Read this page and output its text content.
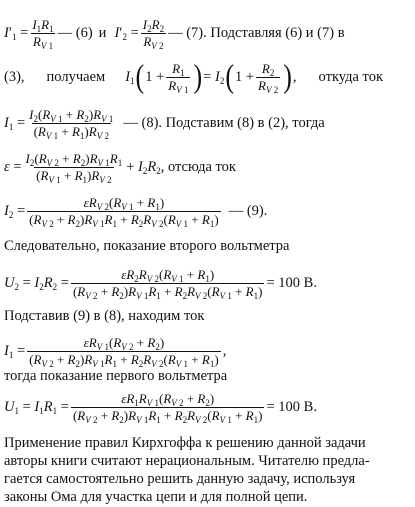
$I'_1 = \frac{I_1R_1}{R_{V 1}}$ — (6) и $I'_2 = \frac{I_2R_2}{R_{V 2}}$ — (7). Подставляя (6) и (7) в
(3), получаем $I_1$ ( 1 +
$R_1$
$R_{V 1}$ ) = $I_2$ ( 1 +
$R_2$
$R_{V 2}$ ) , откуда ток
$I_1 = \frac{I_2(R_{V 1} + R_2)R_{V 1}}{(R_{V 1} + R_1)R_{V 2}}$ — (8). Подставим (8) в (2), тогда
$\varepsilon = \frac{I_2(R_{V 2} + R_2)R_{V 1}R_1}{(R_{V 1} + R_1)R_{V 2}} + I_2R_2$ , отсюда ток
$I_2$ =
$\varepsilon R_{V 2}(R_{V 1} + R_1)$
$(R_{V 2} + R_2)R_{V 1}R_1 + R_2R_{V 2}(R_{V 1} + R_1)$
— (9).
Следовательно, показание второго вольтметра
$U_2 = I_2R_2 = \frac{\varepsilon R_2R_{V 2}(R_{V 1} + R_1)}{(R_{V 2} + R_2)R_{V 1}R_1 + R_2R_{V 2}(R_{V 1} + R_1)} = 100$ В.
Подставив (9) в (8), находим ток
$I_1$ =
$\varepsilon R_{V 1}(R_{V 2} + R_2)$
$(R_{V 2} + R_2)R_{V 1}R_1 + R_2R_{V 2}(R_{V 1} + R_1)$
,
тогда показание первого вольтметра
$U_1 = I_1R_1 = \frac{\varepsilon R_1R_{V 1}(R_{V 2} + R_2)}{(R_{V 2} + R_2)R_{V 1}R_1 + R_2R_{V 2}(R_{V 1} + R_1)} = 100$ В.
Применение правил Кирхгоффа к решению данной задачи
авторы книги считают нерациональным. Читателю предла-
гается самостоятельно решить данную задачу, используя
законы Ома для участка цепи и для полной цепи.
